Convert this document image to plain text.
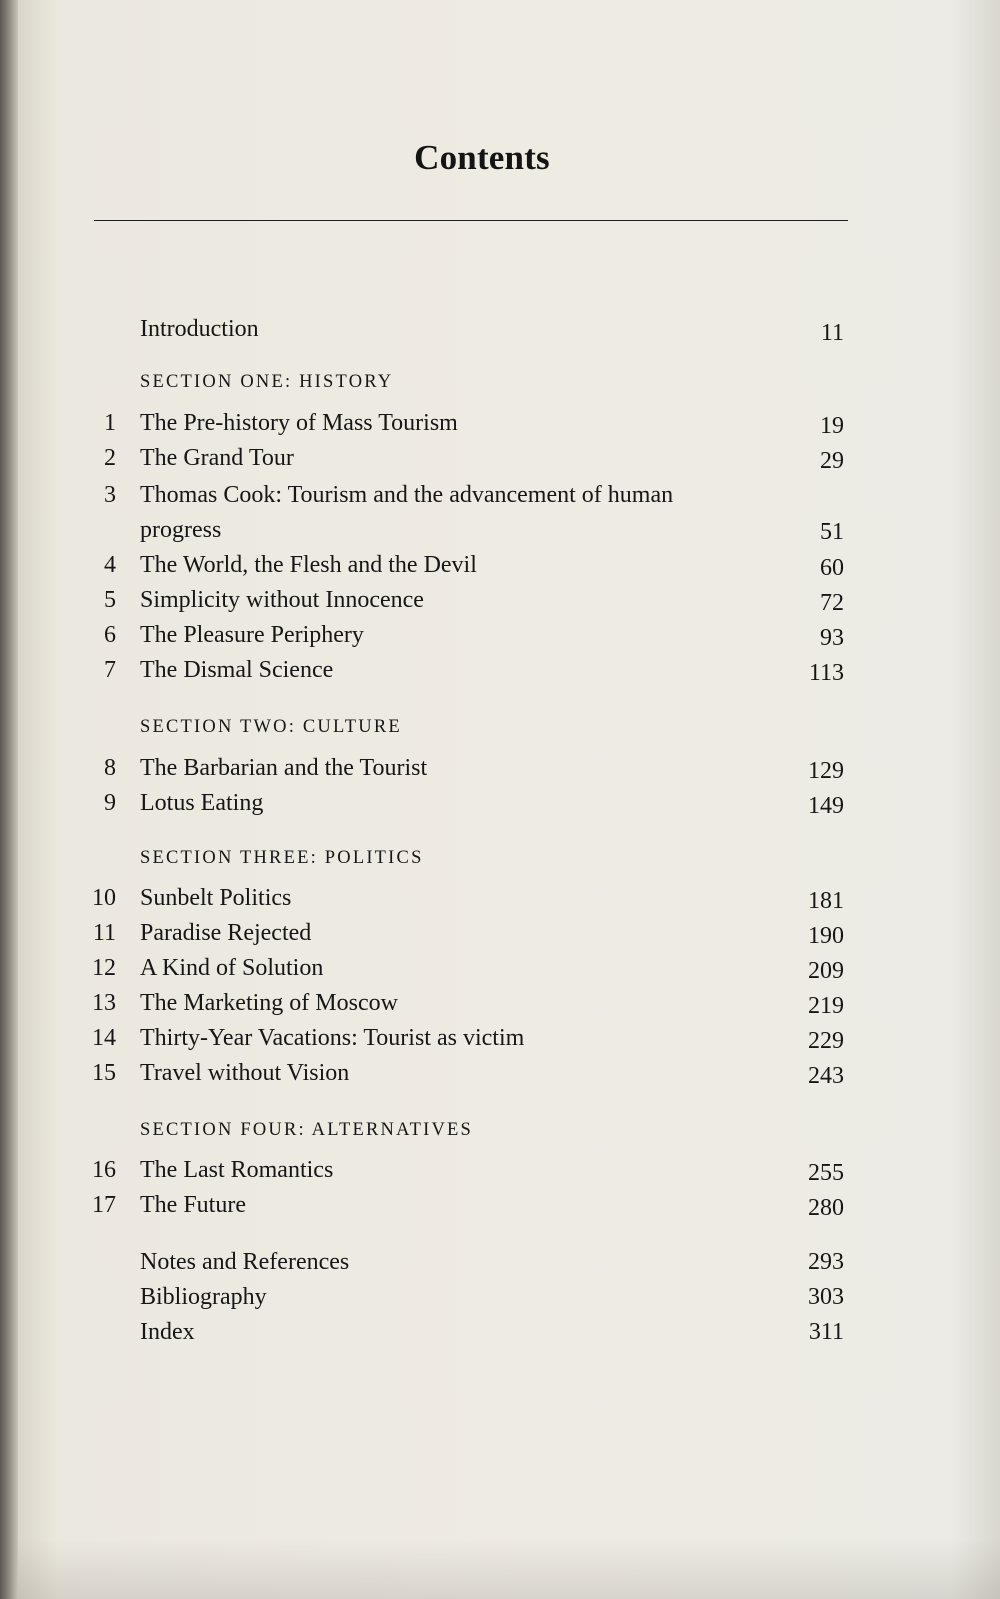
Contents
Introduction	11
SECTION ONE: HISTORY
1 The Pre-history of Mass Tourism	19
2 The Grand Tour	29
3 Thomas Cook: Tourism and the advancement of human
progress	51
4 The World, the Flesh and the Devil	60
5 Simplicity without Innocence	72
6 The Pleasure Periphery	93
7 The Dismal Science	113
SECTION TWO: CULTURE
8 The Barbarian and the Tourist	129
9 Lotus Eating	149
SECTION THREE: POLITICS
10 Sunbelt Politics	181
11 Paradise Rejected	190
12 A Kind of Solution	209
13 The Marketing of Moscow	219
14 Thirty-Year Vacations: Tourist as victim	229
15 Travel without Vision	243
SECTION FOUR: ALTERNATIVES
16 The Last Romantics	255
17 The Future	280
Notes and References	293
Bibliography	303
Index	311
